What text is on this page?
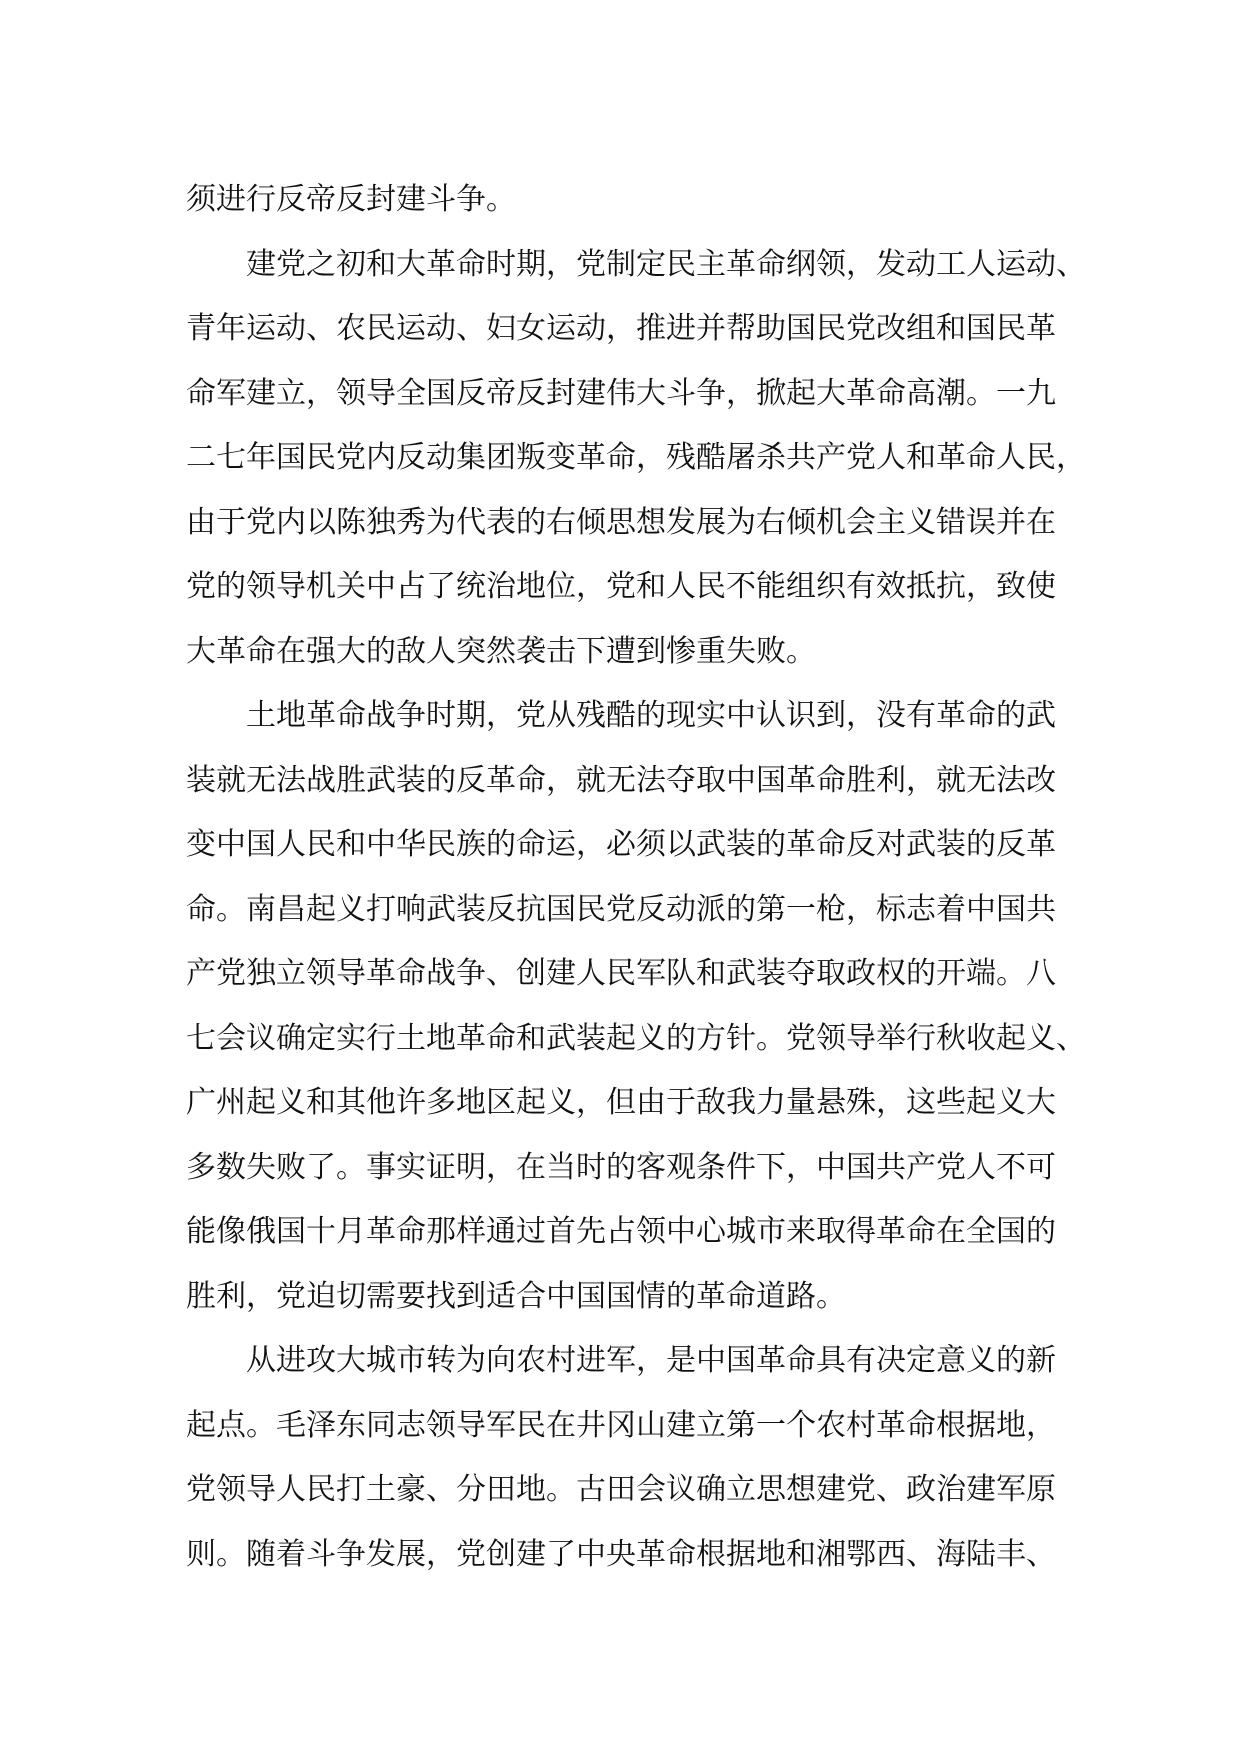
须进行反帝反封建斗争。
建党之初和大革命时期，党制定民主革命纲领，发动工人运动、
青年运动、农民运动、妇女运动，推进并帮助国民党改组和国民革
命军建立，领导全国反帝反封建伟大斗争，掀起大革命高潮。一九
二七年国民党内反动集团叛变革命，残酷屠杀共产党人和革命人民，
由于党内以陈独秀为代表的右倾思想发展为右倾机会主义错误并在
党的领导机关中占了统治地位，党和人民不能组织有效抵抗，致使
大革命在强大的敌人突然袭击下遭到惨重失败。
土地革命战争时期，党从残酷的现实中认识到，没有革命的武
装就无法战胜武装的反革命，就无法夺取中国革命胜利，就无法改
变中国人民和中华民族的命运，必须以武装的革命反对武装的反革
命。南昌起义打响武装反抗国民党反动派的第一枪，标志着中国共
产党独立领导革命战争、创建人民军队和武装夺取政权的开端。八
七会议确定实行土地革命和武装起义的方针。党领导举行秋收起义、
广州起义和其他许多地区起义，但由于敌我力量悬殊，这些起义大
多数失败了。事实证明，在当时的客观条件下，中国共产党人不可
能像俄国十月革命那样通过首先占领中心城市来取得革命在全国的
胜利，党迫切需要找到适合中国国情的革命道路。
从进攻大城市转为向农村进军，是中国革命具有决定意义的新
起点。毛泽东同志领导军民在井冈山建立第一个农村革命根据地，
党领导人民打土豪、分田地。古田会议确立思想建党、政治建军原
则。随着斗争发展，党创建了中央革命根据地和湘鄂西、海陆丰、
